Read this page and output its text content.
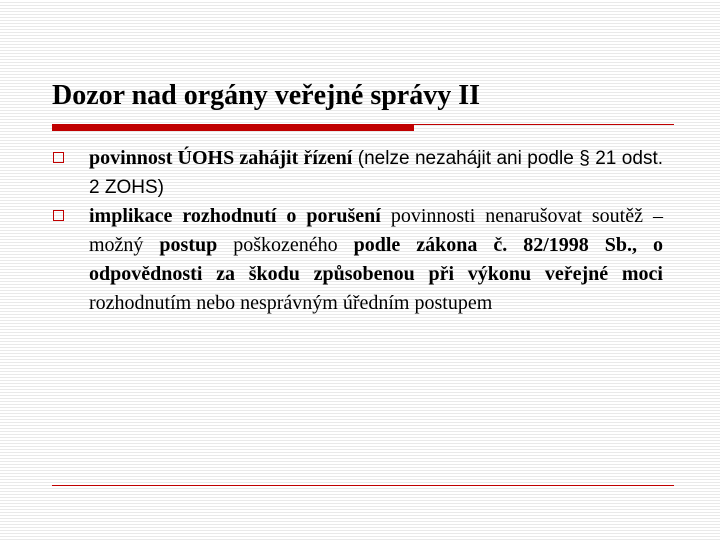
Dozor nad orgány veřejné správy II
povinnost ÚOHS zahájit řízení (nelze nezahájit ani podle § 21 odst. 2 ZOHS)
implikace rozhodnutí o porušení povinnosti nenarušovat soutěž – možný postup poškozeného podle zákona č. 82/1998 Sb., o odpovědnosti za škodu způsobenou při výkonu veřejné moci rozhodnutím nebo nesprávným úředním postupem
